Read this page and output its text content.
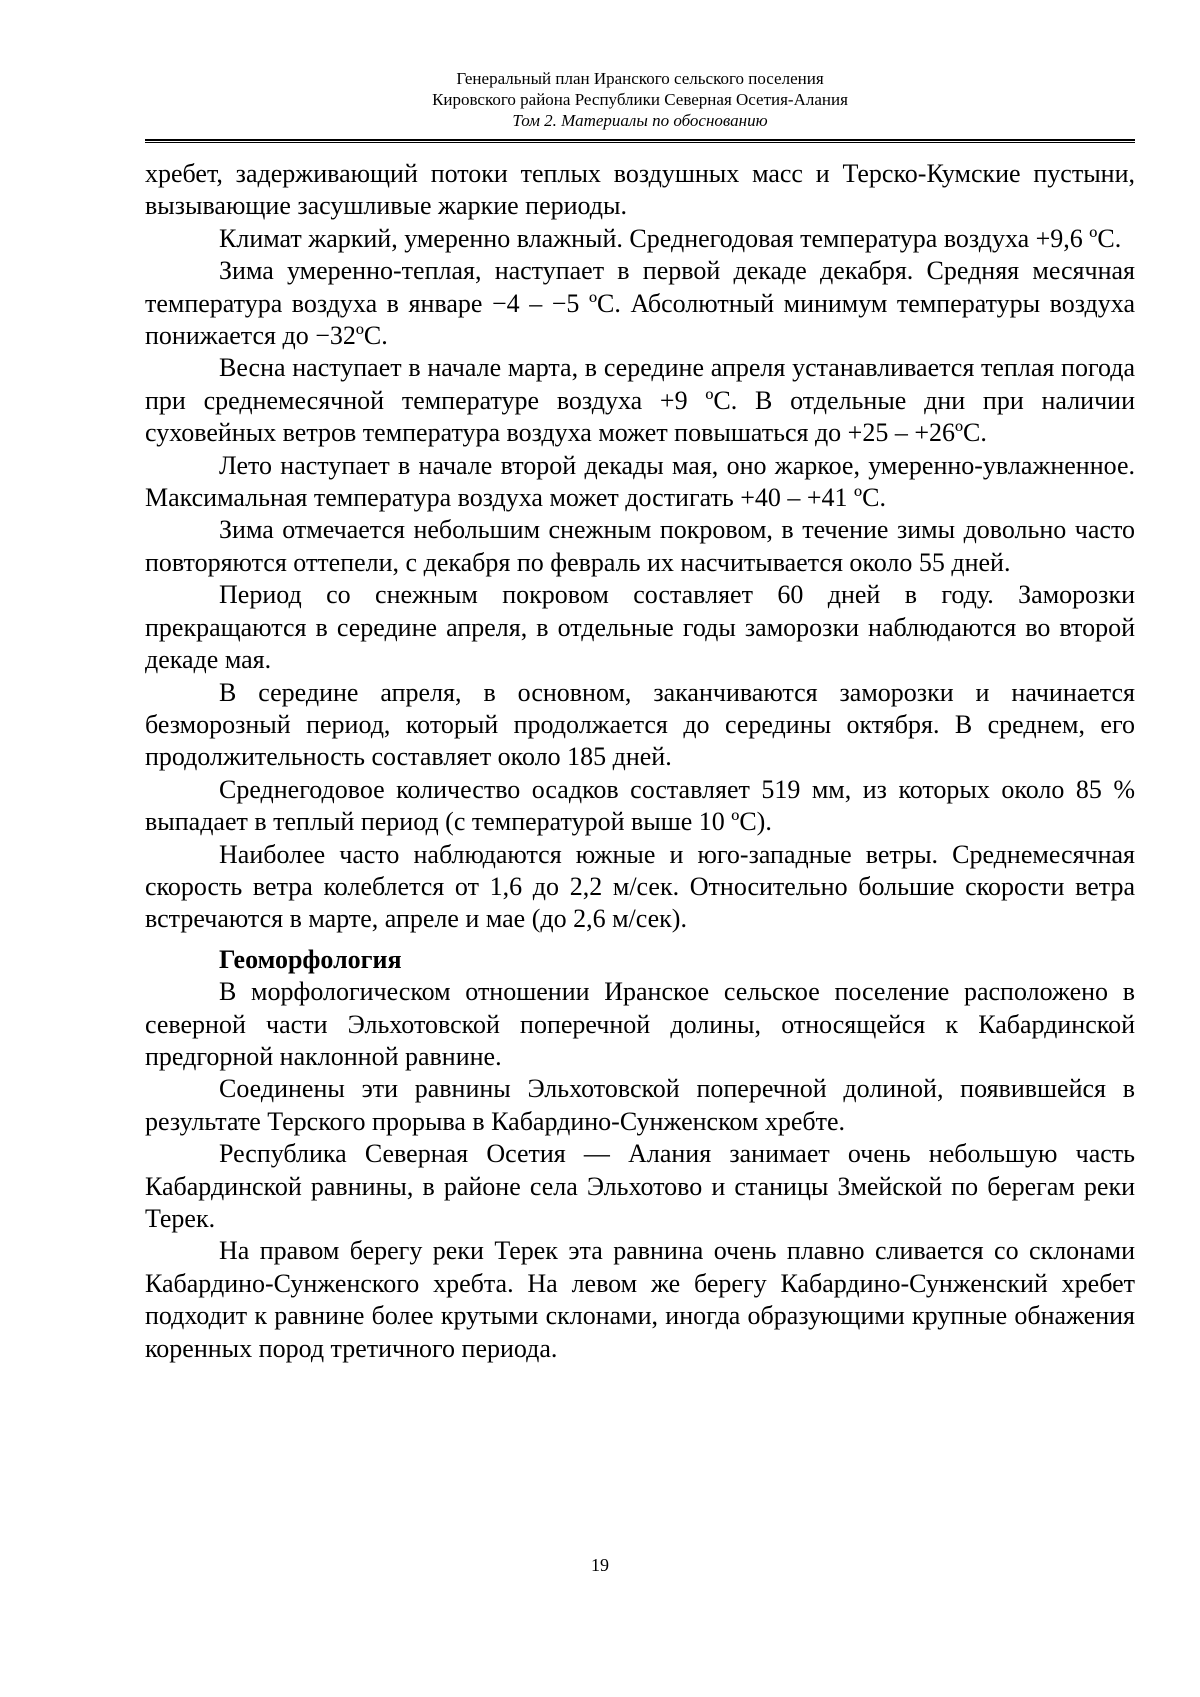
Генеральный план Иранского сельского поселения
Кировского района Республики Северная Осетия-Алания
Том 2. Материалы по обоснованию

хребет, задерживающий потоки теплых воздушных масс и Терско-Кумские пустыни, вызывающие засушливые жаркие периоды.

Климат жаркий, умеренно влажный. Среднегодовая температура воздуха +9,6 ºС.

Зима умеренно-теплая, наступает в первой декаде декабря. Средняя месячная температура воздуха в январе −4 – −5 ºС. Абсолютный минимум температуры воздуха понижается до −32ºС.

Весна наступает в начале марта, в середине апреля устанавливается теплая погода при среднемесячной температуре воздуха +9 ºС. В отдельные дни при наличии суховейных ветров температура воздуха может повышаться до +25 – +26ºС.

Лето наступает в начале второй декады мая, оно жаркое, умеренно-увлажненное. Максимальная температура воздуха может достигать +40 – +41 ºС.

Зима отмечается небольшим снежным покровом, в течение зимы довольно часто повторяются оттепели, с декабря по февраль их насчитывается около 55 дней.

Период со снежным покровом составляет 60 дней в году. Заморозки прекращаются в середине апреля, в отдельные годы заморозки наблюдаются во второй декаде мая.

В середине апреля, в основном, заканчиваются заморозки и начинается безморозный период, который продолжается до середины октября. В среднем, его продолжительность составляет около 185 дней.

Среднегодовое количество осадков составляет 519 мм, из которых около 85 % выпадает в теплый период (с температурой выше 10 ºС).

Наиболее часто наблюдаются южные и юго-западные ветры. Среднемесячная скорость ветра колеблется от 1,6 до 2,2 м/сек. Относительно большие скорости ветра встречаются в марте, апреле и мае (до 2,6 м/сек).

Геоморфология

В морфологическом отношении Иранское сельское поселение расположено в северной части Эльхотовской поперечной долины, относящейся к Кабардинской предгорной наклонной равнине.

Соединены эти равнины Эльхотовской поперечной долиной, появившейся в результате Терского прорыва в Кабардино-Сунженском хребте.

Республика Северная Осетия — Алания занимает очень небольшую часть Кабардинской равнины, в районе села Эльхотово и станицы Змейской по берегам реки Терек.

На правом берегу реки Терек эта равнина очень плавно сливается со склонами Кабардино-Сунженского хребта. На левом же берегу Кабардино-Сунженский хребет подходит к равнине более крутыми склонами, иногда образующими крупные обнажения коренных пород третичного периода.

19
